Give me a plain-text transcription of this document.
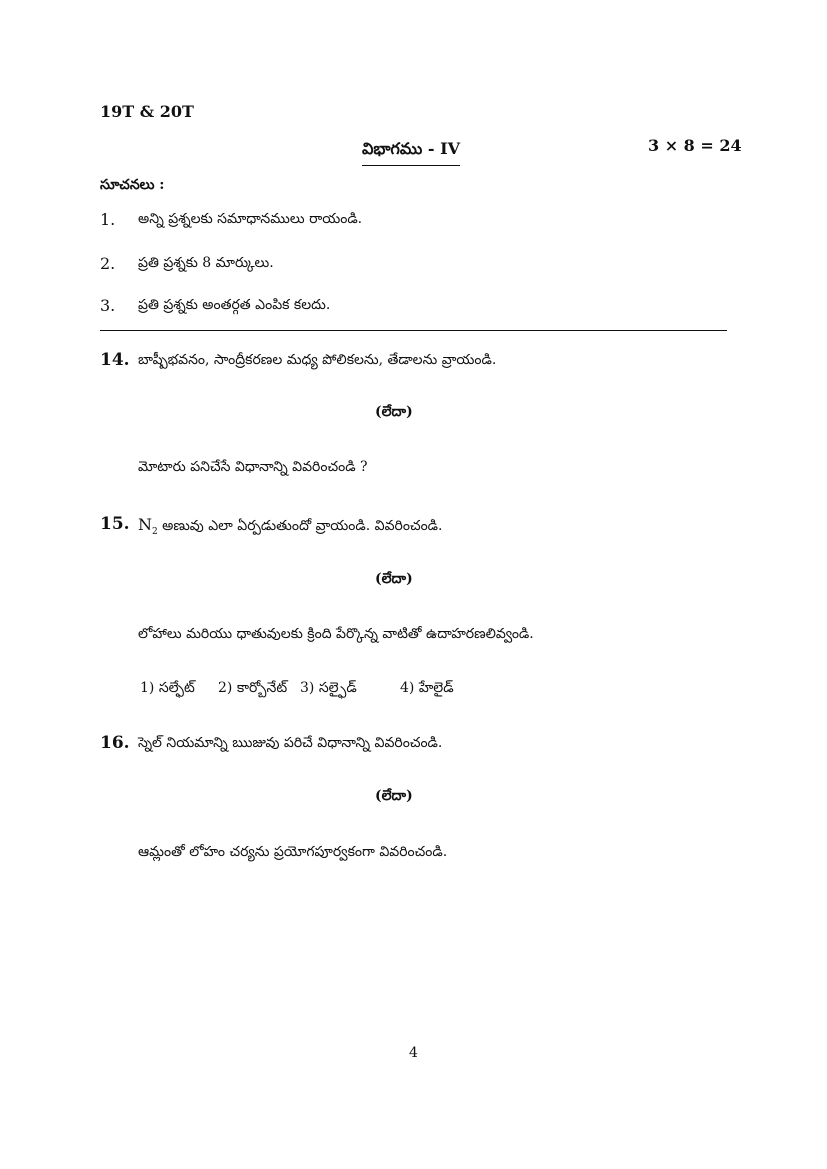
19T & 20T
విభాగము - IV	3 × 8 = 24
సూచనలు :
1. అన్ని ప్రశ్నలకు సమాధానములు రాయండి.
2. ప్రతి ప్రశ్నకు 8 మార్కులు.
3. ప్రతి ప్రశ్నకు అంతర్గత ఎంపిక కలదు.
14. బాష్పీభవనం, సాంద్రీకరణల మధ్య పోలికలను, తేడాలను వ్రాయండి.
(లేదా)
మోటారు పనిచేసే విధానాన్ని వివరించండి ?
15. $N_2$ అణువు ఎలా ఏర్పడుతుందో వ్రాయండి. వివరించండి.
(లేదా)
లోహాలు మరియు ధాతువులకు క్రింది పేర్కొన్న వాటితో ఉదాహరణలివ్వండి.
1) సల్ఫేట్ 2) కార్బోనేట్ 3) సల్ఫైడ్	4) హేలైడ్
16. స్నెల్ నియమాన్ని ఋజువు పరిచే విధానాన్ని వివరించండి.
(లేదా)
ఆమ్లంతో లోహం చర్యను ప్రయోగపూర్వకంగా వివరించండి.
4
